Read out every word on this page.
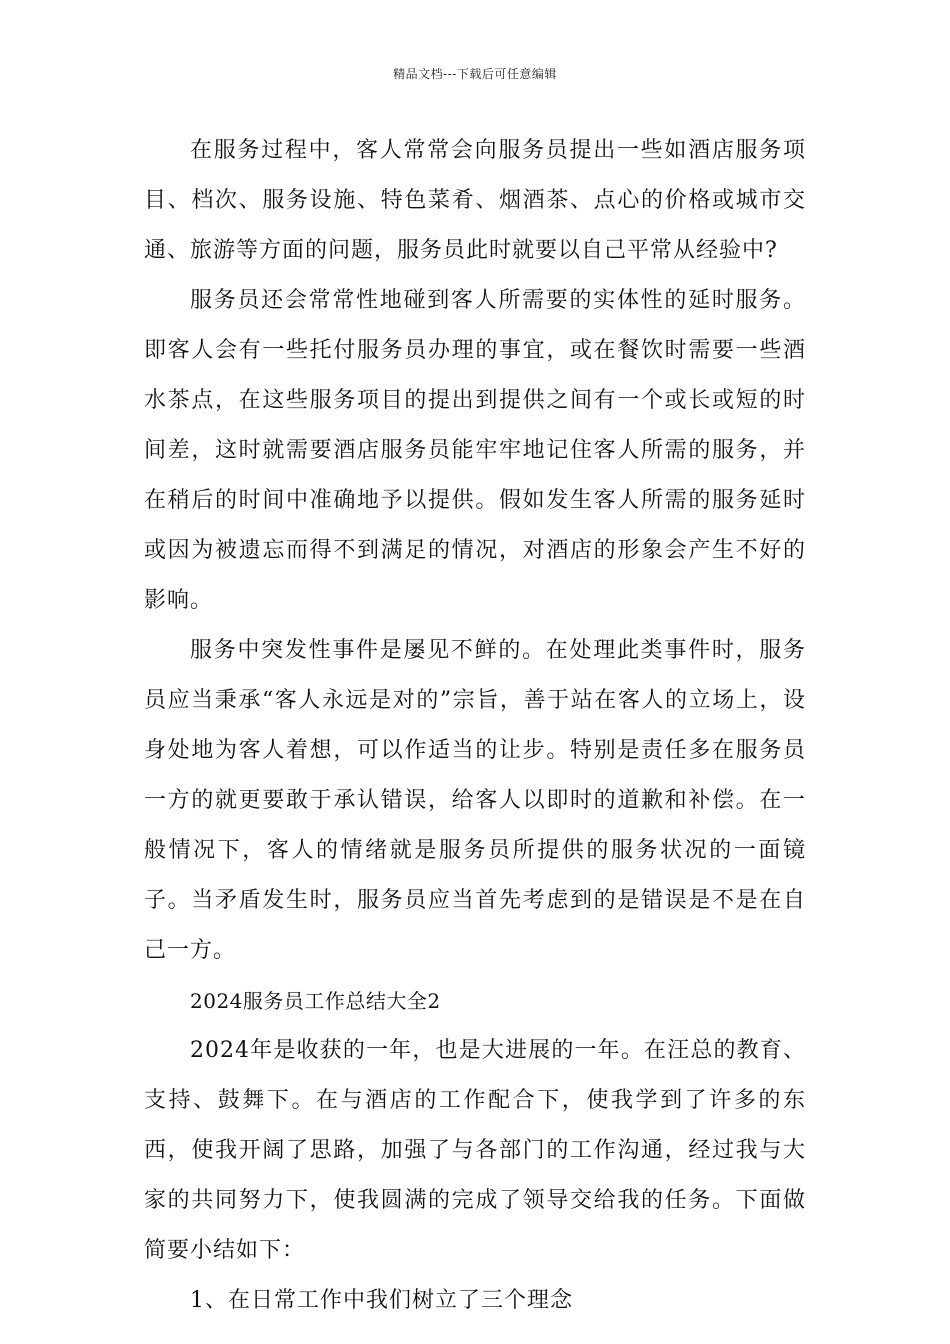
精品文档---下载后可任意编辑

在服务过程中，客人常常会向服务员提出一些如酒店服务项目、档次、服务设施、特色菜肴、烟酒茶、点心的价格或城市交通、旅游等方面的问题，服务员此时就要以自己平常从经验中?

服务员还会常常性地碰到客人所需要的实体性的延时服务。即客人会有一些托付服务员办理的事宜，或在餐饮时需要一些酒水茶点，在这些服务项目的提出到提供之间有一个或长或短的时间差，这时就需要酒店服务员能牢牢地记住客人所需的服务，并在稍后的时间中准确地予以提供。假如发生客人所需的服务延时或因为被遗忘而得不到满足的情况，对酒店的形象会产生不好的影响。

服务中突发性事件是屡见不鲜的。在处理此类事件时，服务员应当秉承“客人永远是对的”宗旨，善于站在客人的立场上，设身处地为客人着想，可以作适当的让步。特别是责任多在服务员一方的就更要敢于承认错误，给客人以即时的道歉和补偿。在一般情况下，客人的情绪就是服务员所提供的服务状况的一面镜子。当矛盾发生时，服务员应当首先考虑到的是错误是不是在自己一方。

2024服务员工作总结大全2

2024年是收获的一年，也是大进展的一年。在汪总的教育、支持、鼓舞下。在与酒店的工作配合下，使我学到了许多的东西，使我开阔了思路，加强了与各部门的工作沟通，经过我与大家的共同努力下，使我圆满的完成了领导交给我的任务。下面做简要小结如下：

1、在日常工作中我们树立了三个理念
